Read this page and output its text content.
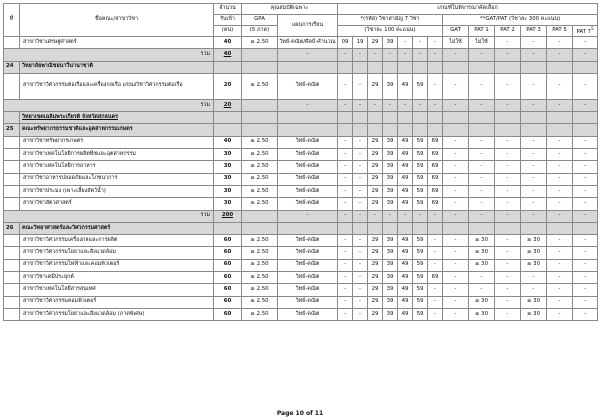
ที่	ชื่อคณะ/สาขาวิชา	จำนวน	คุณสมบัติเฉพาะ		เกณฑ์ในพิจารณาคัดเลือก												
		รับเข้า	GPA	แผนการเรียน	*(รหัส) วิชาสามัญ 7 วิชา							**GAT/PAT (วิชาละ 300 คะแนน)					
		(คน)	(5 ภาค)		(วิชาละ 100 คะแนน)							GAT	PAT 1	PAT 2	PAT 3	PAT 5	PAT $7^5$
	สาขาวิชาเศรษฐศาสตร์	40	≥ 2.50	วิทย์-คณิต/ศิลป์-คำนวณ	09	19	29	39	-	-	-	ไม่ใช้	ไม่ใช้	-	-	-	-
รวม		40		-	-	-	-	-	-	-	-	-	-	-	-	-	-
24	วิทยาลัยพาณิชยนาวีนานาชาติ																
	สาขาวิชาวิศวกรรมต่อเรือและเครื่องกลเรือ แขนงวิชาวิศวกรรมต่อเรือ	20	≥ 2.50	วิทย์-คณิต	-	-	29	39	49	59	-	-	-	-	-	-	-
รวม		20		-	-	-	-	-	-	-	-	-	-	-	-	-	-
	วิทยาเขตเฉลิมพระเกียรติ จังหวัดสกลนคร																
25	คณะทรัพยากรธรรมชาติและอุตสาหกรรมเกษตร																
	สาขาวิชาทรัพยากรเกษตร	40	≥ 2.50	วิทย์-คณิต	-	-	29	39	49	59	69	-	-	-	-	-	-
	สาขาวิชาเทคโนโลยีการผลิตพืชและอุตสาหกรรม	30	≥ 2.50	วิทย์-คณิต	-	-	29	39	49	59	69	-	-	-	-	-	-
	สาขาวิชาเทคโนโลยีการอาหาร	30	≥ 2.50	วิทย์-คณิต	-	-	29	39	49	59	69	-	-	-	-	-	-
	สาขาวิชาอาหารปลอดภัยและโภชนาการ	30	≥ 2.50	วิทย์-คณิต	-	-	29	39	49	59	69	-	-	-	-	-	-
	สาขาวิชาประมง (เพาะเลี้ยงสัตว์น้ำ)	30	≥ 2.50	วิทย์-คณิต	-	-	29	39	49	59	69	-	-	-	-	-	-
	สาขาวิชาสัตวศาสตร์	30	≥ 2.50	วิทย์-คณิต	-	-	29	39	49	59	69	-	-	-	-	-	-
รวม		200		-	-	-	-	-	-	-	-	-	-	-	-	-	-
26	คณะวิทยาศาสตร์และวิศวกรรมศาสตร์																
	สาขาวิชาวิศวกรรมเครื่องกลและการผลิต	60	≥ 2.50	วิทย์-คณิต	-	-	29	39	49	59	-	-	≥ 30	-	≥ 30	-	-
	สาขาวิชาวิศวกรรมโยธาและสิ่งแวดล้อม	60	≥ 2.50	วิทย์-คณิต	-	-	29	39	49	59	-	-	≥ 30	-	≥ 30	-	-
	สาขาวิชาวิศวกรรมไฟฟ้าและคอมพิวเตอร์	60	≥ 2.50	วิทย์-คณิต	-	-	29	39	49	59	-	-	≥ 30	-	≥ 30	-	-
	สาขาวิชาเคมีประยุกต์	60	≥ 2.50	วิทย์-คณิต	-	-	29	39	49	59	69	-	-	-	-	-	-
	สาขาวิชาเทคโนโลยีสารสนเทศ	60	≥ 2.50	วิทย์-คณิต	-	-	29	39	49	59	-	-	-	-	-	-	-
	สาขาวิชาวิศวกรรมคอมพิวเตอร์	60	≥ 2.50	วิทย์-คณิต	-	-	29	39	49	59	-	-	≥ 30	-	≥ 30	-	-
	สาขาวิชาวิศวกรรมโยธาและสิ่งแวดล้อม (ภาคพิเศษ)	60	≥ 2.50	วิทย์-คณิต	-	-	29	39	49	59	-	-	≥ 30	-	≥ 30	-	-
Page 10 of 11
